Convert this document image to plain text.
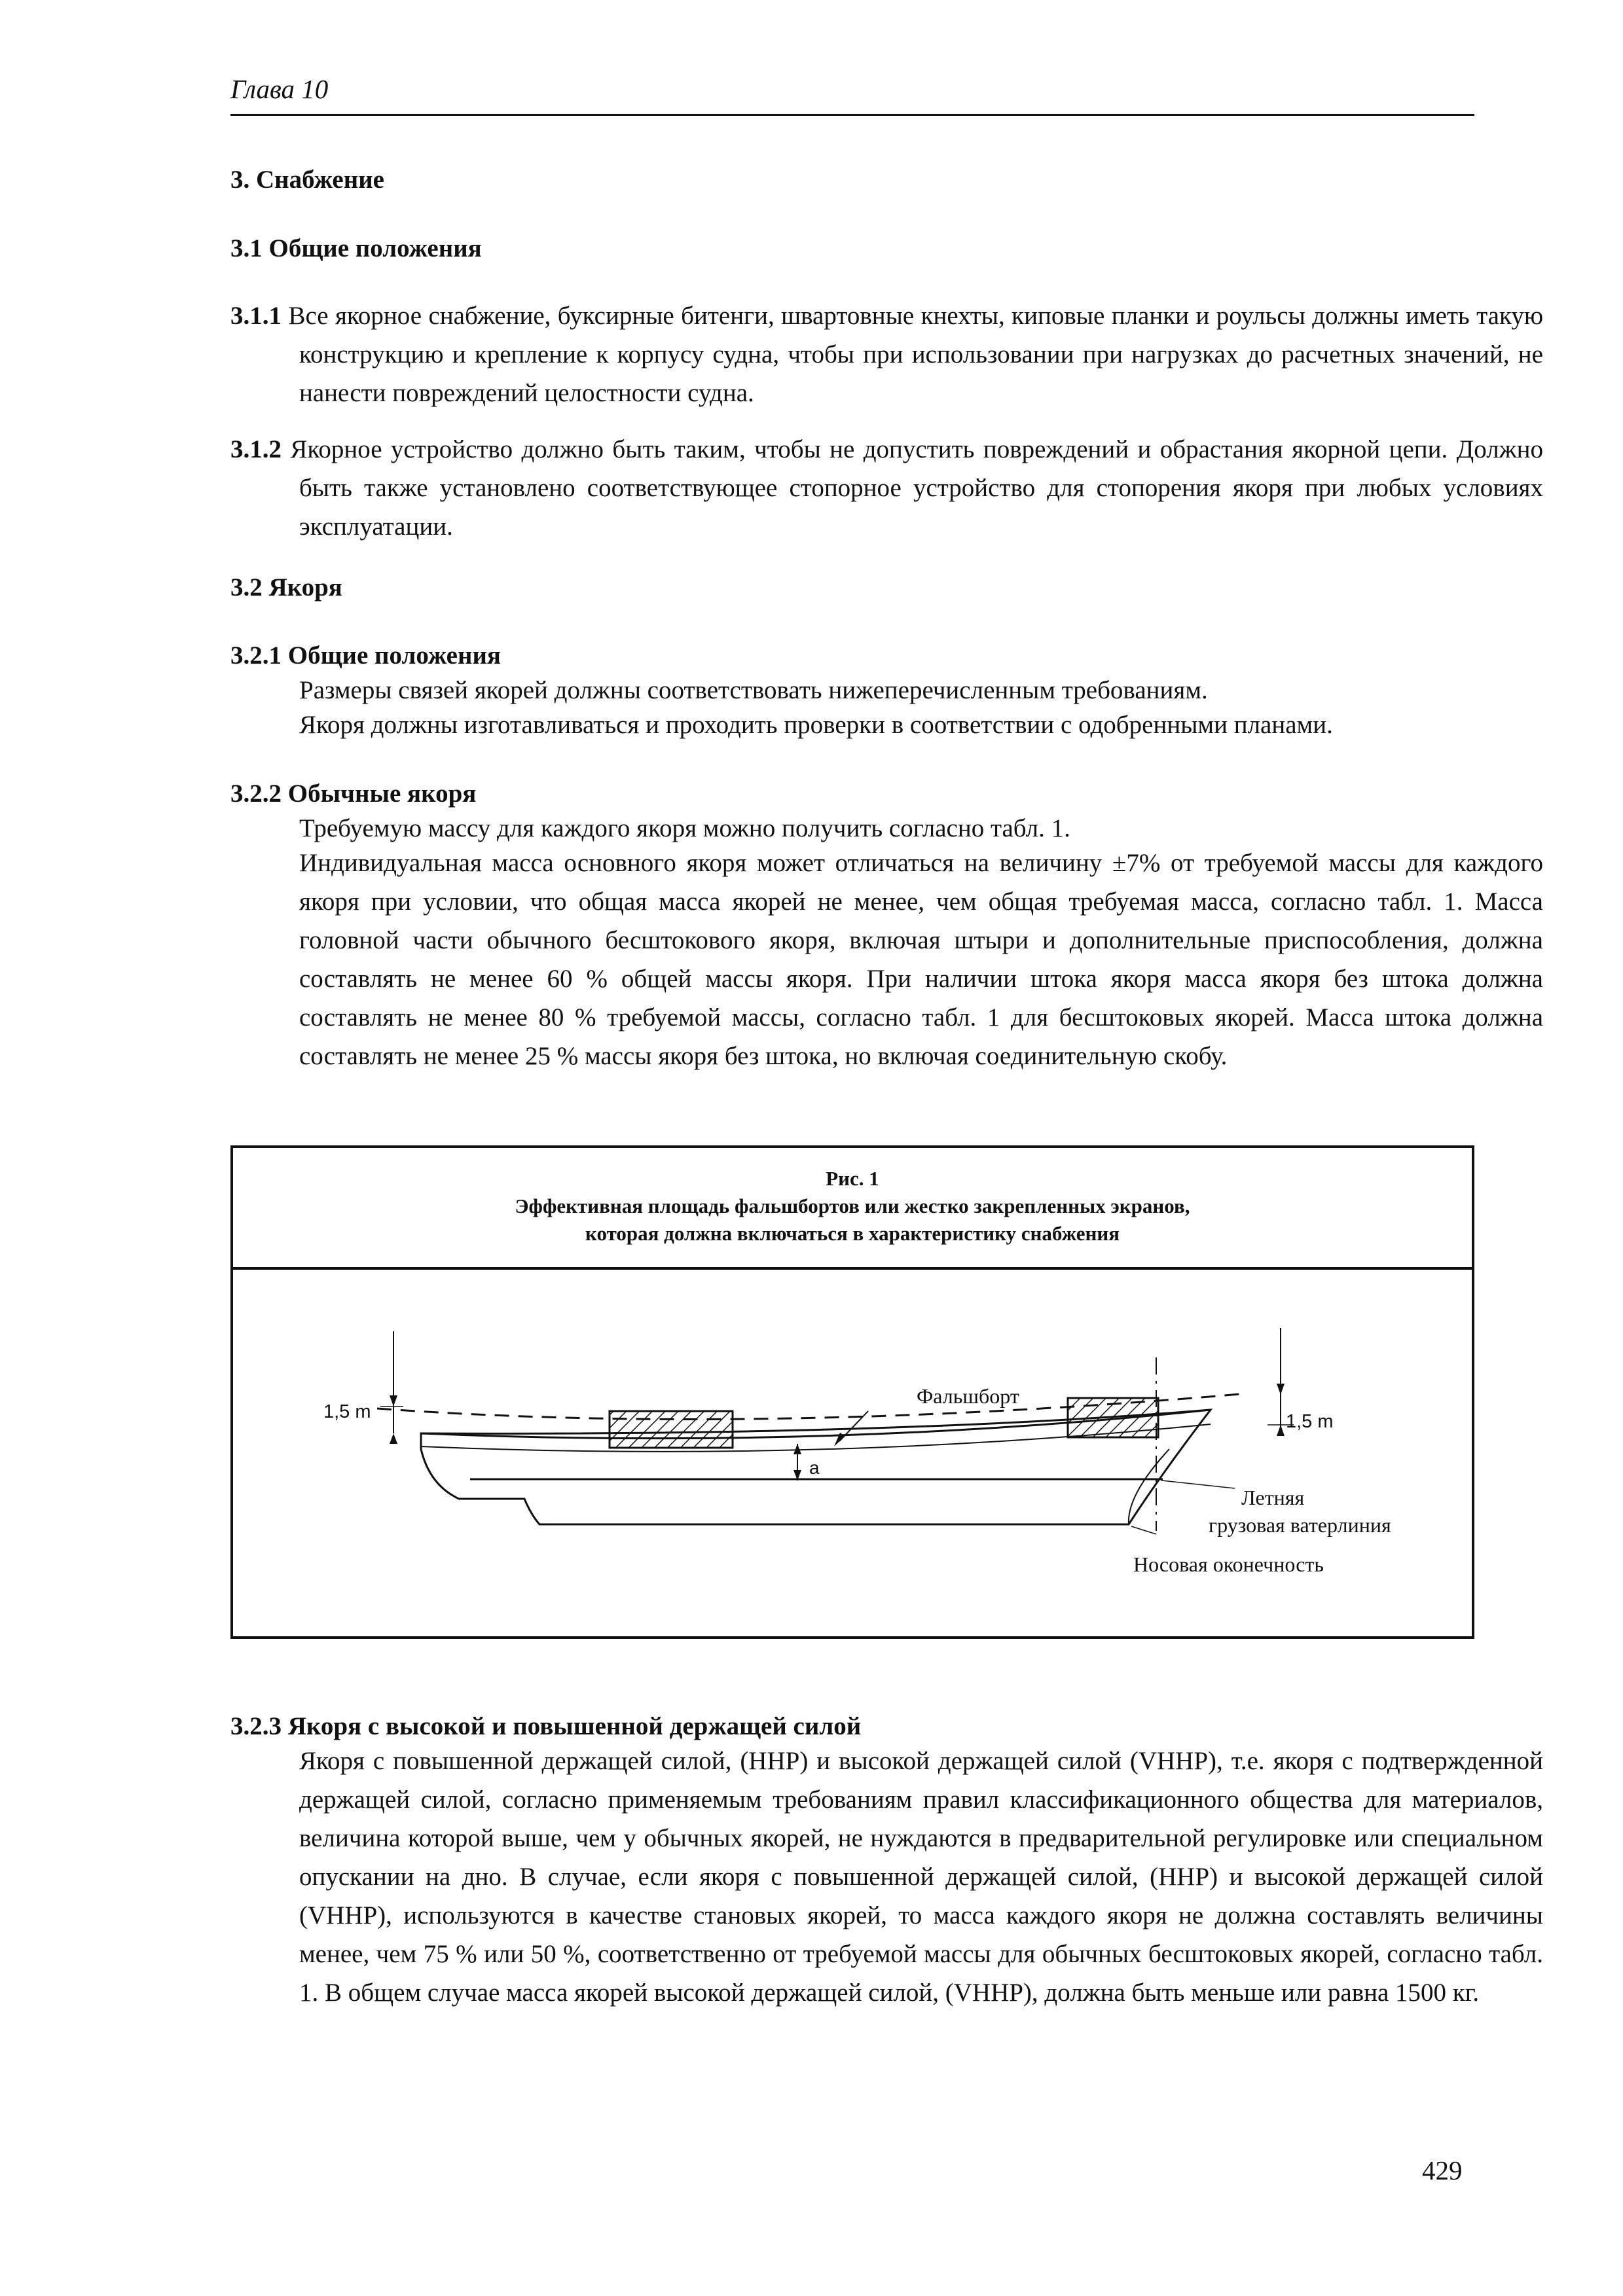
Глава 10
3. Снабжение
3.1 Общие положения
3.1.1 Все якорное снабжение, буксирные битенги, швартовные кнехты, киповые планки и роульсы должны иметь такую конструкцию и крепление к корпусу судна, чтобы при использовании при нагрузках до расчетных значений, не нанести повреждений целостности судна.
3.1.2 Якорное устройство должно быть таким, чтобы не допустить повреждений и обрастания якорной цепи. Должно быть также установлено соответствующее стопорное устройство для стопорения якоря при любых условиях эксплуатации.
3.2 Якоря
3.2.1 Общие положения
Размеры связей якорей должны соответствовать нижеперечисленным требованиям.
Якоря должны изготавливаться и проходить проверки в соответствии с одобренными планами.
3.2.2 Обычные якоря
Требуемую массу для каждого якоря можно получить согласно табл. 1.
Индивидуальная масса основного якоря может отличаться на величину ±7% от требуемой массы для каждого якоря при условии, что общая масса якорей не менее, чем общая требуемая масса, согласно табл. 1. Масса головной части обычного бесштокового якоря, включая штыри и дополнительные приспособления, должна составлять не менее 60 % общей массы якоря. При наличии штока якоря масса якоря без штока должна составлять не менее 80 % требуемой массы, согласно табл. 1 для бесштоковых якорей. Масса штока должна составлять не менее 25 % массы якоря без штока, но включая соединительную скобу.
Рис. 1
Эффективная площадь фальшбортов или жестко закрепленных экранов,
которая должна включаться в характеристику снабжения
1,5 m	1,5 m
a
Фальшборт
Летняя
грузовая ватерлиния
Носовая оконечность
3.2.3 Якоря с высокой и повышенной держащей силой
Якоря с повышенной держащей силой, (HHP) и высокой держащей силой (VHHP), т.е. якоря с подтвержденной держащей силой, согласно применяемым требованиям правил классификационного общества для материалов, величина которой выше, чем у обычных якорей, не нуждаются в предварительной регулировке или специальном опускании на дно. В случае, если якоря с повышенной держащей силой, (HHP) и высокой держащей силой (VHHP), используются в качестве становых якорей, то масса каждого якоря не должна составлять величины менее, чем 75 % или 50 %, соответственно от требуемой массы для обычных бесштоковых якорей, согласно табл. 1. В общем случае масса якорей высокой держащей силой, (VHHP), должна быть меньше или равна 1500 кг.
429
